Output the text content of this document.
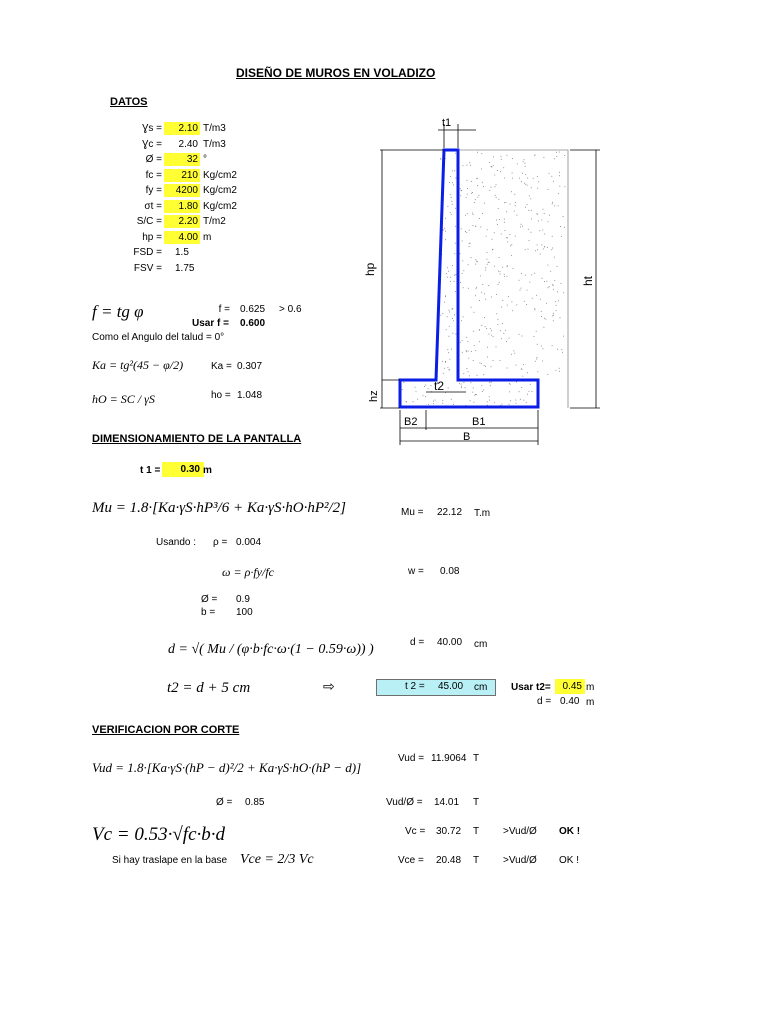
DISEÑO DE MUROS EN VOLADIZO
DATOS
Ɣs =	2.10 T/m3
Ɣc =	2.40 T/m3
Ø =	32 °
fc =	210 Kg/cm2
fy =	4200 Kg/cm2
σt =	1.80 Kg/cm2
S/C =	2.20 T/m2
hp =	4.00 m
FSD = 1.5
FSV = 1.75
f = tg φ	f = 0.625 > 0.6
Usar f = 0.600
Como el Angulo del talud = 0°
Ka = tg²(45 − φ/2)	Ka = 0.307
hO = SC / γS	ho = 1.048
DIMENSIONAMIENTO DE LA PANTALLA
t 1 =	0.30 m
Mu = 1.8·[Ka·γS·hP³/6 + Ka·γS·hO·hP²/2]	Mu = 22.12 T.m
Usando : ρ = 0.004
ω = ρ·fy/fc	w = 0.08
Ø = 0.9
b = 100
d = √( Mu / (φ·b·fc·ω·(1 − 0.59·ω)) )	d = 40.00 cm
t2 = d + 5 cm	⇨	t 2 = 45.00 cm Usar t2=	0.45 m
d = 0.40 m
VERIFICACION POR CORTE
Vud = 1.8·[Ka·γS·(hP − d)²/2 + Ka·γS·hO·(hP − d)]
Vud = 11.9064 T
Ø = 0.85	Vud/Ø = 14.01 T
Vc = 0.53·√fc·b·d	Vc = 30.72 T >Vud/Ø OK !
Si hay traslape en la base Vce = 2/3 Vc	Vce = 20.48 T >Vud/Ø OK !
t1
hp
ht
hz
t2
B2	B1
B
